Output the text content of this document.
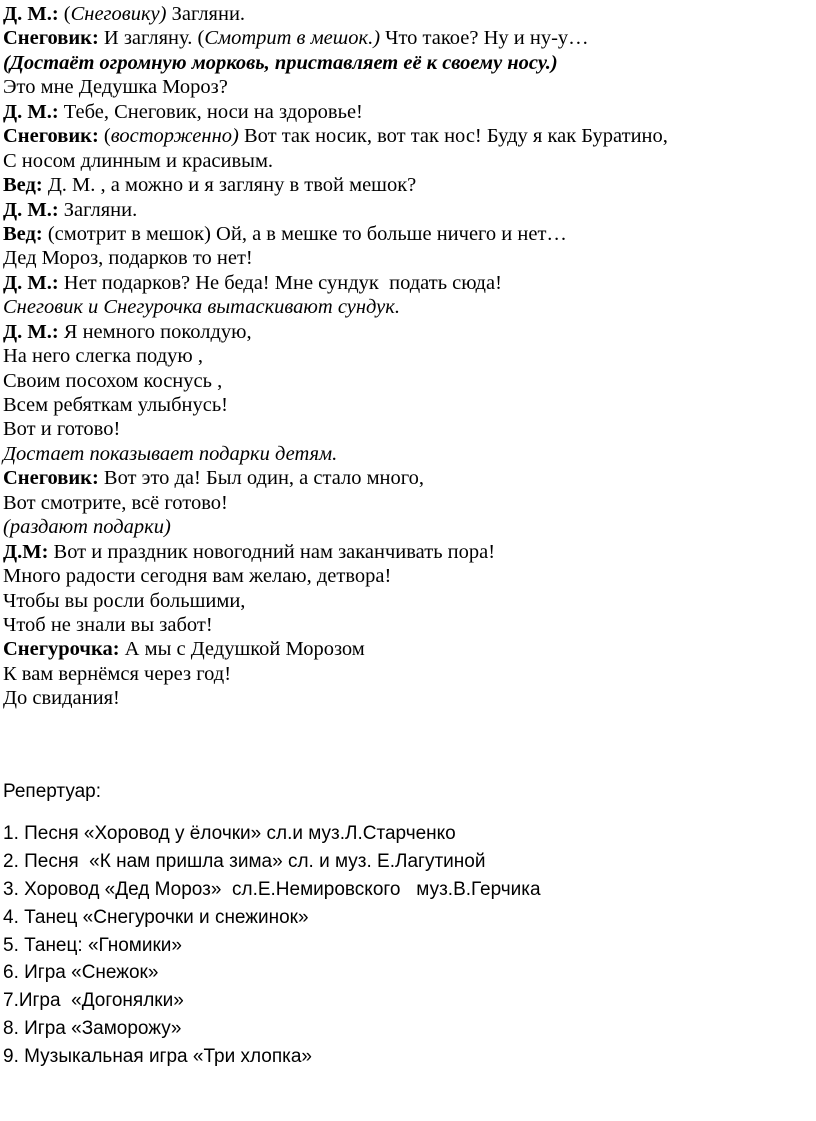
Д. М.: (Снеговику) Загляни.
Снеговик: И загляну. (Смотрит в мешок.) Что такое? Ну и ну-у…
(Достаёт огромную морковь, приставляет её к своему носу.)
Это мне Дедушка Мороз?
Д. М.: Тебе, Снеговик, носи на здоровье!
Снеговик: (восторженно) Вот так носик, вот так нос! Буду я как Буратино,
С носом длинным и красивым.
Вед: Д. М. , а можно и я загляну в твой мешок?
Д. М.: Загляни.
Вед: (смотрит в мешок) Ой, а в мешке то больше ничего и нет…
Дед Мороз, подарков то нет!
Д. М.: Нет подарков? Не беда! Мне сундук  подать сюда!
Снеговик и Снегурочка вытаскивают сундук.
Д. М.: Я немного поколдую,
На него слегка подую ,
Своим посохом коснусь ,
Всем ребяткам улыбнусь!
Вот и готово!
Достает показывает подарки детям.
Снеговик: Вот это да! Был один, а стало много,
Вот смотрите, всё готово!
(раздают подарки)
Д.М: Вот и праздник новогодний нам заканчивать пора!
Много радости сегодня вам желаю, детвора!
Чтобы вы росли большими,
Чтоб не знали вы забот!
Снегурочка: А мы с Дедушкой Морозом
К вам вернёмся через год!
До свидания!
Репертуар:
1. Песня «Хоровод у ёлочки» сл.и муз.Л.Старченко
2. Песня  «К нам пришла зима» сл. и муз. Е.Лагутиной
3. Хоровод «Дед Мороз»  сл.Е.Немировского   муз.В.Герчика
4. Танец «Снегурочки и снежинок»
5. Танец: «Гномики»
6. Игра «Снежок»
7.Игра  «Догонялки»
8. Игра «Заморожу»
9. Музыкальная игра «Три хлопка»
